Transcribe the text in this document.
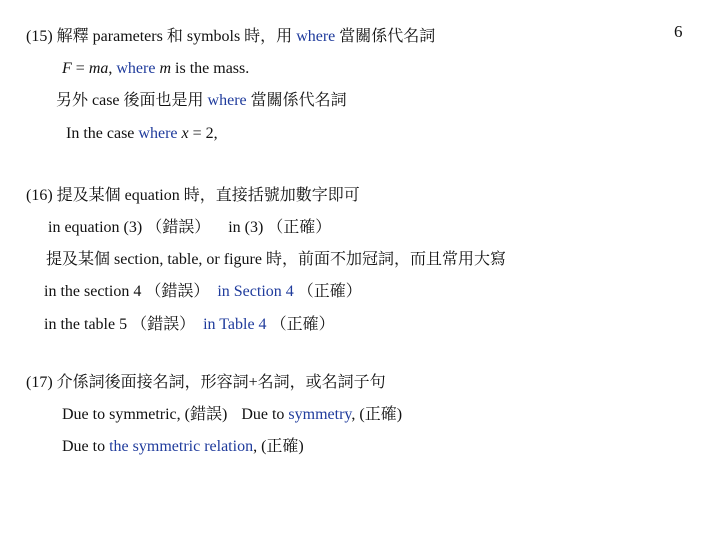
6
(15) 解釋 parameters 和 symbols 時，用 where 當關係代名詞
F = ma, where m is the mass.
另外 case 後面也是用 where 當關係代名詞
In the case where x = 2,
(16) 提及某個 equation 時，直接括號加數字即可
in equation (3) （錯誤） in (3) （正確）
提及某個 section, table, or figure 時，前面不加冠詞，而且常用大寫
in the section 4 （錯誤） in Section 4 （正確）
in the table 5 （錯誤） in Table 4 （正確）
(17) 介係詞後面接名詞，形容詞+名詞，或名詞子句
Due to symmetric, (錯誤) Due to symmetry, (正確)
Due to the symmetric relation, (正確)
